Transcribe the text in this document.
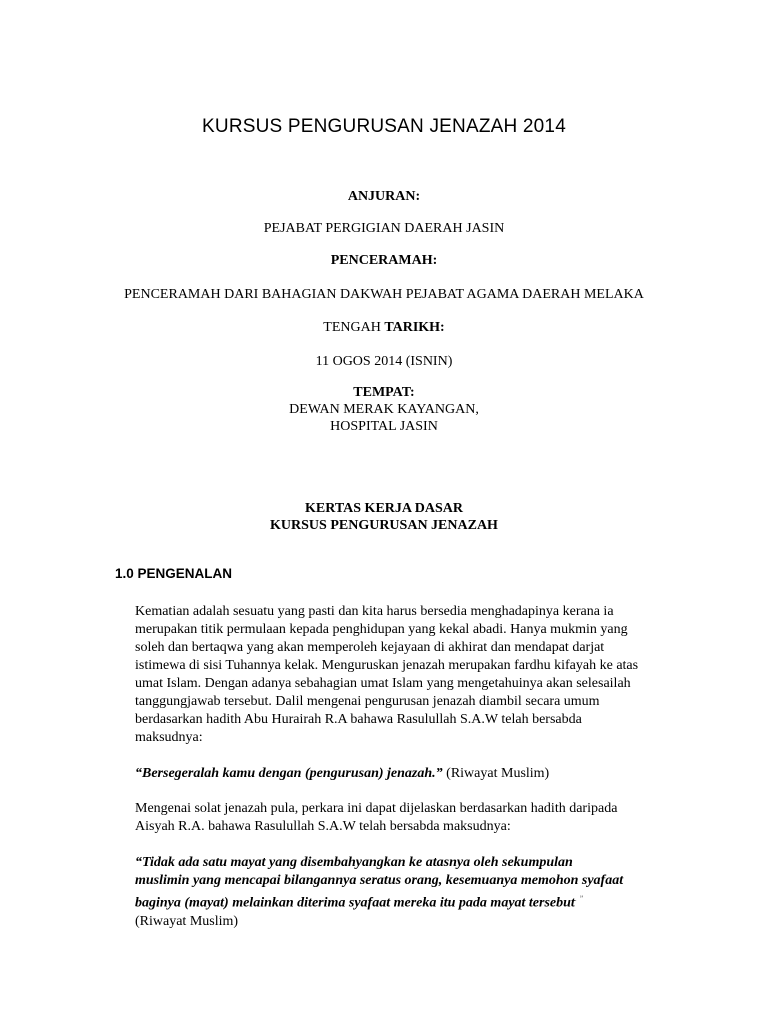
KURSUS PENGURUSAN JENAZAH 2014
ANJURAN:
PEJABAT PERGIGIAN DAERAH JASIN
PENCERAMAH:
PENCERAMAH DARI BAHAGIAN DAKWAH PEJABAT AGAMA DAERAH MELAKA
TENGAH TARIKH:
11 OGOS 2014 (ISNIN)
TEMPAT:
DEWAN MERAK KAYANGAN,
HOSPITAL JASIN
KERTAS KERJA DASAR
KURSUS PENGURUSAN JENAZAH
1.0 PENGENALAN
Kematian adalah sesuatu yang pasti dan kita harus bersedia menghadapinya kerana ia
merupakan titik permulaan kepada penghidupan yang kekal abadi. Hanya mukmin yang
soleh dan bertaqwa yang akan memperoleh kejayaan di akhirat dan mendapat darjat
istimewa di sisi Tuhannya kelak. Menguruskan jenazah merupakan fardhu kifayah ke atas
umat Islam. Dengan adanya sebahagian umat Islam yang mengetahuinya akan selesailah
tanggungjawab tersebut. Dalil mengenai pengurusan jenazah diambil secara umum
berdasarkan hadith Abu Hurairah R.A bahawa Rasulullah S.A.W telah bersabda
maksudnya:
“Bersegeralah kamu dengan (pengurusan) jenazah.” (Riwayat Muslim)
Mengenai solat jenazah pula, perkara ini dapat dijelaskan berdasarkan hadith daripada
Aisyah R.A. bahawa Rasulullah S.A.W telah bersabda maksudnya:
“Tidak ada satu mayat yang disembahyangkan ke atasnya oleh sekumpulan
muslimin yang mencapai bilangannya seratus orang, kesemuanya memohon syafaat
baginya (mayat) melainkan diterima syafaat mereka itu pada mayat tersebut. ”
(Riwayat Muslim)
